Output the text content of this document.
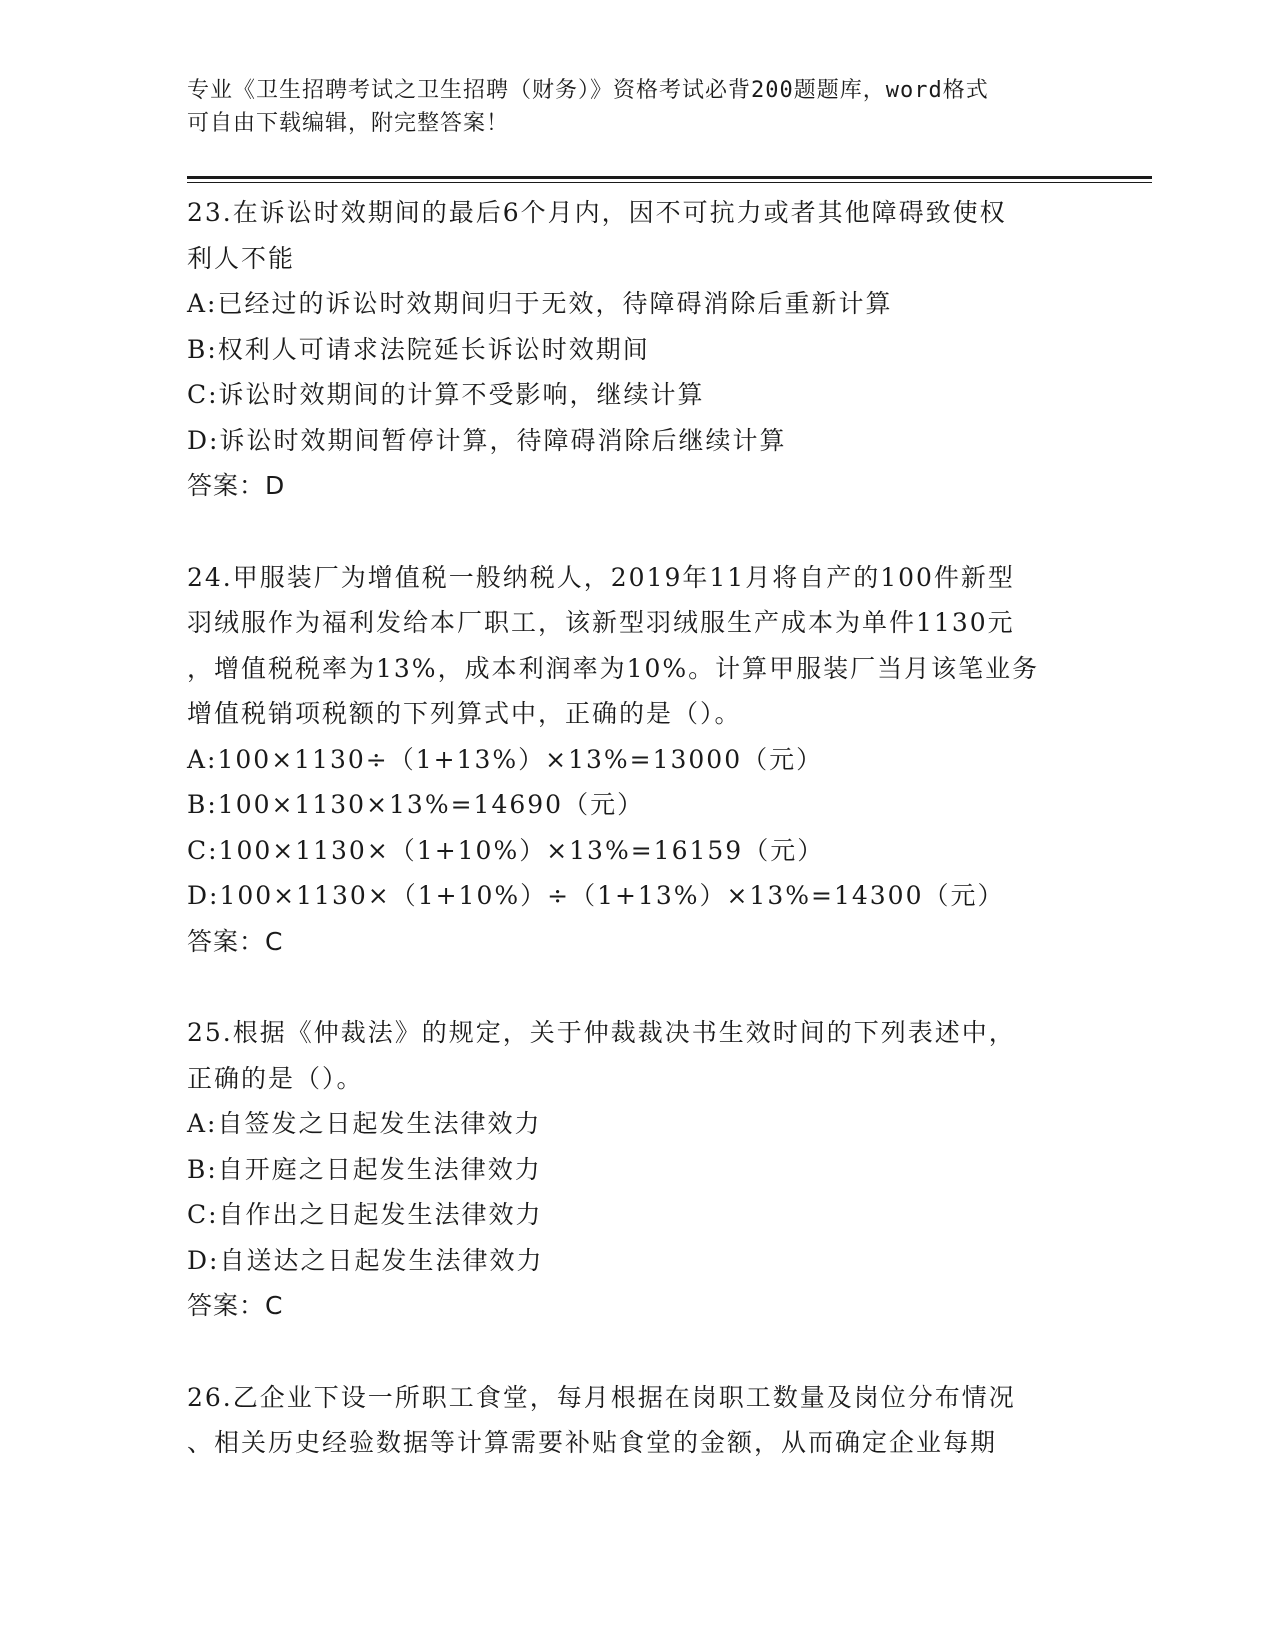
专业《卫生招聘考试之卫生招聘（财务）》资格考试必背200题题库，word格式
可自由下载编辑，附完整答案！
23.在诉讼时效期间的最后6个月内，因不可抗力或者其他障碍致使权
利人不能
A:已经过的诉讼时效期间归于无效，待障碍消除后重新计算
B:权利人可请求法院延长诉讼时效期间
C:诉讼时效期间的计算不受影响，继续计算
D:诉讼时效期间暂停计算，待障碍消除后继续计算
答案：D
24.甲服装厂为增值税一般纳税人，2019年11月将自产的100件新型
羽绒服作为福利发给本厂职工，该新型羽绒服生产成本为单件1130元
，增值税税率为13%，成本利润率为10%。计算甲服装厂当月该笔业务
增值税销项税额的下列算式中，正确的是（）。
A:100×1130÷（1+13%）×13%=13000（元）
B:100×1130×13%=14690（元）
C:100×1130×（1+10%）×13%=16159（元）
D:100×1130×（1+10%）÷（1+13%）×13%=14300（元）
答案：C
25.根据《仲裁法》的规定，关于仲裁裁决书生效时间的下列表述中，
正确的是（）。
A:自签发之日起发生法律效力
B:自开庭之日起发生法律效力
C:自作出之日起发生法律效力
D:自送达之日起发生法律效力
答案：C
26.乙企业下设一所职工食堂，每月根据在岗职工数量及岗位分布情况
、相关历史经验数据等计算需要补贴食堂的金额，从而确定企业每期
